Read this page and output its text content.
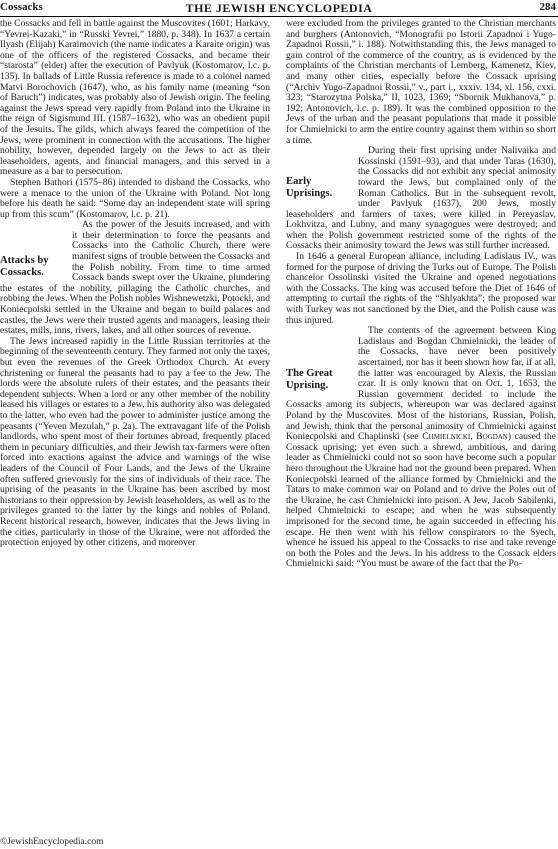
Cossacks	THE JEWISH ENCYCLOPEDIA	284

the Cossacks and fell in battle against the Muscovites (1601; Harkavy, “Yevrei-Kazaki,” in “Russki Yevrei,” 1880, p. 348). In 1637 a certain Ilyash (Elijah) Karaimovich (the name indicates a Karaite origin) was one of the officers of the registered Cossacks, and became their “starosta” (elder) after the execution of Pavlyuk (Kostomarov, l.c. p. 135). In ballads of Little Russia reference is made to a colonel named Matvi Borochovich (1647), who, as his family name (meaning “son of Baruch”) indicates, was probably also of Jewish origin. The feeling against the Jews spread very rapidly from Poland into the Ukraine in the reign of Sigismund III. (1587–1632), who was an obedient pupil of the Jesuits. The gilds, which always feared the competition of the Jews, were prominent in connection with the accusations. The higher nobility, however, depended largely on the Jews to act as their leaseholders, agents, and financial managers, and this served in a measure as a bar to persecution.

Stephen Bathori (1575–86) intended to disband the Cossacks, who were a menace to the union of the Ukraine with Poland. Not long before his death he said: “Some day an independent state will spring up from this scum” (Kostomarov, l.c. p. 21).

Attacks by Cossacks.
As the power of the Jesuits increased, and with it their determination to force the peasants and Cossacks into the Catholic Church, there were manifest signs of trouble between the Cossacks and the Polish nobility. From time to time armed Cossack bands swept over the Ukraine, plundering the estates of the nobility, pillaging the Catholic churches, and robbing the Jews. When the Polish nobles Wishnewetzki, Potocki, and Koniecpolski settled in the Ukraine and began to build palaces and castles, the Jews were their trusted agents and managers, leasing their estates, mills, inns, rivers, lakes, and all other sources of revenue.

The Jews increased rapidly in the Little Russian territories at the beginning of the seventeenth century. They farmed not only the taxes, but even the revenues of the Greek Orthodox Church. At every christening or funeral the peasants had to pay a fee to the Jew. The lords were the absolute rulers of their estates, and the peasants their dependent subjects. When a lord or any other member of the nobility leased his villages or estates to a Jew, his authority also was delegated to the latter, who even had the power to administer justice among the peasants (“Yeven Mezulah,” p. 2a). The extravagant life of the Polish landlords, who spent most of their fortunes abroad, frequently placed them in pecuniary difficulties, and their Jewish tax-farmers were often forced into exactions against the advice and warnings of the wise leaders of the Council of Four Lands, and the Jews of the Ukraine often suffered grievously for the sins of individuals of their race. The uprising of the peasants in the Ukraine has been ascribed by most historians to their oppression by Jewish leaseholders, as well as to the privileges granted to the latter by the kings and nobles of Poland. Recent historical research, however, indicates that the Jews living in the cities, particularly in those of the Ukraine, were not afforded the protection enjoyed by other citizens, and moreover

were excluded from the privileges granted to the Christian merchants and burghers (Antonovich, “Monografii po Istorii Zapadnoi i Yugo-Zapadnoi Rossii,” i. 188). Notwithstanding this, the Jews managed to gain control of the commerce of the country, as is evidenced by the complaints of the Christian merchants of Lemberg, Kamenetz, Kiev, and many other cities, especially before the Cossack uprising (“Archiv Yugo-Zapadnoi Rossii,” v., part i., xxxiv. 134, xl. 156, cxxi. 323; “Starozytna Polska,” II, 1023, 1369; “Sbornik Mukhanova,” p. 192; Antonovich, l.c. p. 189). It was the combined opposition to the Jews of the urban and the peasant populations that made it possible for Chmielnicki to arm the entire country against them within so short a time.

Early Uprisings.
During their first uprising under Nalivaika and Kossinski (1591–93), and that under Taras (1630), the Cossacks did not exhibit any special animosity toward the Jews, but complained only of the Roman Catholics. But in the subsequent revolt, under Pavlyuk (1637), 200 Jews, mostly leaseholders and farmers of taxes, were killed in Pereyaslav, Lokhvitza, and Lubny, and many synagogues were destroyed; and when the Polish government restricted some of the rights of the Cossacks their animosity toward the Jews was still further increased.

In 1646 a general European alliance, including Ladislaus IV., was formed for the purpose of driving the Turks out of Europe. The Polish chancelor Ossolinski visited the Ukraine and opened negotiations with the Cossacks. The king was accused before the Diet of 1646 of attempting to curtail the rights of the “Shlyakhta”; the proposed war with Turkey was not sanctioned by the Diet, and the Polish cause was thus injured.

The Great Uprising.
The contents of the agreement between King Ladislaus and Bogdan Chmielnicki, the leader of the Cossacks, have never been positively ascertained, nor has it been shown how far, if at all, the latter was encouraged by Alexis, the Russian czar. It is only known that on Oct. 1, 1653, the Russian government decided to include the Cossacks among its subjects, whereupon war was declared against Poland by the Muscovites. Most of the historians, Russian, Polish, and Jewish, think that the personal animosity of Chmielnicki against Koniecpolski and Chaplinski (see Chmielnicki, Bogdan) caused the Cossack uprising; yet even such a shrewd, ambitious, and daring leader as Chmielnicki could not so soon have become such a popular hero throughout the Ukraine had not the ground been prepared. When Koniecpolski learned of the alliance formed by Chmielnicki and the Tatars to make common war on Poland and to drive the Poles out of the Ukraine, he cast Chmielnicki into prison. A Jew, Jacob Sabilenki, helped Chmielnicki to escape; and when he was subsequently imprisoned for the second time, he again succeeded in effecting his escape. He then went with his fellow conspirators to the Syech, whence he issued his appeal to the Cossacks to rise and take revenge on both the Poles and the Jews. In his address to the Cossack elders Chmielnicki said: “You must be aware of the fact that the Po-

©JewishEncyclopedia.com
